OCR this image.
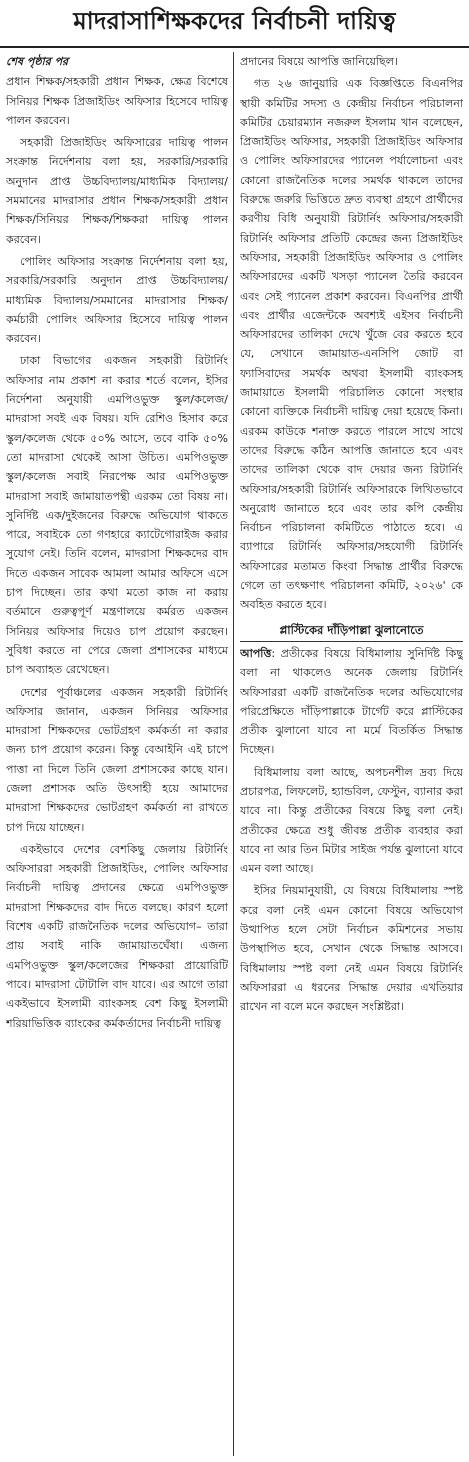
মাদরাসাশিক্ষকদের নির্বাচনী দায়িত্ব
শেষ পৃষ্ঠার পর

প্রধান শিক্ষক/সহকারী প্রধান শিক্ষক, ক্ষেত্র বিশেষে সিনিয়র শিক্ষক প্রিজাইডিং অফিসার হিসেবে দায়িত্ব পালন করবেন।

সহকারী প্রিজাইডিং অফিসারের দায়িত্ব পালন সংক্রান্ত নির্দেশনায় বলা হয়, সরকারি/সরকারি অনুদান প্রাপ্ত উচ্চবিদ্যালয়/মাধ্যমিক বিদ্যালয়/সমমানের মাদরাসার প্রধান শিক্ষক/সহকারী প্রধান শিক্ষক/সিনিয়র শিক্ষক/শিক্ষকরা দায়িত্ব পালন করবেন।

পোলিং অফিসার সংক্রান্ত নির্দেশনায় বলা হয়, সরকারি/সরকারি অনুদান প্রাপ্ত উচ্চবিদ্যালয়/মাধ্যমিক বিদ্যালয়/সমমানের মাদরাসার শিক্ষক/কর্মচারী পোলিং অফিসার হিসেবে দায়িত্ব পালন করবেন।

ঢাকা বিভাগের একজন সহকারী রিটার্নিং অফিসার নাম প্রকাশ না করার শর্তে বলেন, ইসির নির্দেশনা অনুযায়ী এমপিওভুক্ত স্কুল/কলেজ/মাদরাসা সবই এক বিষয়। যদি রেশিও হিসাব করে স্কুল/কলেজ থেকে ৫০% আসে, তবে বাকি ৫০% তো মাদরাসা থেকেই আসা উচিত। এমপিওভুক্ত স্কুল/কলেজ সবাই নিরপেক্ষ আর এমপিওভুক্ত মাদরাসা সবাই জামায়াতপন্থী এরকম তো বিষয় না। সুনির্দিষ্ট এক/দুইজনের বিরুদ্ধে অভিযোগ থাকতে পারে, সবাইকে তো গণহারে ক্যাটেগোরাইজ করার সুযোগ নেই। তিনি বলেন, মাদরাসা শিক্ষকদের বাদ দিতে একজন সাবেক আমলা আমার অফিসে এসে চাপ দিচ্ছেন। তার কথা মতো কাজ না করায় বর্তমানে গুরুত্বপূর্ণ মন্ত্রণালয়ে কর্মরত একজন সিনিয়র অফিসার দিয়েও চাপ প্রয়োগ করছেন। সুবিধা করতে না পেরে জেলা প্রশাসকের মাধ্যমে চাপ অব্যাহত রেখেছেন।

দেশের পূর্বাঞ্চলের একজন সহকারী রিটার্নিং অফিসার জানান, একজন সিনিয়র অফিসার মাদরাসা শিক্ষকদের ভোটগ্রহণ কর্মকর্তা না করার জন্য চাপ প্রয়োগ করেন। কিন্তু বেআইনি এই চাপে পাত্তা না দিলে তিনি জেলা প্রশাসকের কাছে যান। জেলা প্রশাসক অতি উৎসাহী হয়ে আমাদের মাদরাসা শিক্ষকদের ভোটগ্রহণ কর্মকর্তা না রাখতে চাপ দিয়ে যাচ্ছেন।

একইভাবে দেশের বেশকিছু জেলায় রিটার্নিং অফিসাররা সহকারী প্রিজাইডিং, পোলিং অফিসার নির্বাচনী দায়িত্ব প্রদানের ক্ষেত্রে এমপিওভুক্ত মাদরাসা শিক্ষকদের বাদ দিতে বলছে। কারণ হলো বিশেষ একটি রাজনৈতিক দলের অভিযোগ– তারা প্রায় সবাই নাকি জামায়াতঘেঁষা। এজন্য এমপিওভুক্ত স্কুল/কলেজের শিক্ষকরা প্রায়োরিটি পাবে। মাদরাসা টোটালি বাদ যাবে। এর আগে তারা একইভাবে ইসলামী ব্যাংকসহ বেশ কিছু ইসলামী শরিয়াভিত্তিক ব্যাংকের কর্মকর্তাদের নির্বাচনী দায়িত্ব

প্রদানের বিষয়ে আপত্তি জানিয়েছিল।

গত ২৬ জানুয়ারি এক বিজ্ঞপ্তিতে বিএনপির স্থায়ী কমিটির সদস্য ও কেন্দ্রীয় নির্বাচন পরিচালনা কমিটির চেয়ারম্যান নজরুল ইসলাম খান বলেছেন, প্রিজাইডিং অফিসার, সহকারী প্রিজাইডিং অফিসার ও পোলিং অফিসারদের প্যানেল পর্যালোচনা এবং কোনো রাজনৈতিক দলের সমর্থক থাকলে তাদের বিরুদ্ধে জরুরি ভিত্তিতে দ্রুত ব্যবস্থা গ্রহণে প্রার্থীদের করণীয় বিধি অনুযায়ী রিটার্নিং অফিসার/সহকারী রিটার্নিং অফিসার প্রতিটি কেন্দ্রের জন্য প্রিজাইডিং অফিসার, সহকারী প্রিজাইডিং অফিসার ও পোলিং অফিসারদের একটি খসড়া প্যানেল তৈরি করবেন এবং সেই প্যানেল প্রকাশ করবেন। বিএনপির প্রার্থী এবং প্রার্থীর এজেন্টকে অবশ্যই এইসব নির্বাচনী অফিসারদের তালিকা দেখে খুঁজে বের করতে হবে যে, সেখানে জামায়াত-এনসিপি জোট বা ফ্যাসিবাদের সমর্থক অথবা ইসলামী ব্যাংকসহ জামায়াতে ইসলামী পরিচালিত কোনো সংস্থার কোনো ব্যক্তিকে নির্বাচনী দায়িত্ব দেয়া হয়েছে কিনা। এরকম কাউকে শনাক্ত করতে পারলে সাথে সাথে তাদের বিরুদ্ধে কঠিন আপত্তি জানাতে হবে এবং তাদের তালিকা থেকে বাদ দেয়ার জন্য রিটার্নিং অফিসার/সহকারী রিটার্নিং অফিসারকে লিখিতভাবে অনুরোধ জানাতে হবে এবং তার কপি কেন্দ্রীয় নির্বাচন পরিচালনা কমিটিতে পাঠাতে হবে। এ ব্যাপারে রিটার্নিং অফিসার/সহযোগী রিটার্নিং অফিসারের মতামত কিংবা সিদ্ধান্ত প্রার্থীর বিরুদ্ধে গেলে তা তৎক্ষণাৎ পরিচালনা কমিটি, ২০২৬' কে অবহিত করতে হবে।

প্লাস্টিকের দাঁড়িপাল্লা ঝুলানোতে

আপত্তি: প্রতীকের বিষয়ে বিধিমালায় সুনির্দিষ্ট কিছু বলা না থাকলেও অনেক জেলায় রিটার্নিং অফিসাররা একটি রাজনৈতিক দলের অভিযোগের পরিপ্রেক্ষিতে দাঁড়িপাল্লাকে টার্গেট করে প্লাস্টিকের প্রতীক ঝুলানো যাবে না মর্মে বিতর্কিত সিদ্ধান্ত দিচ্ছেন।

বিধিমালায় বলা আছে, অপচনশীল দ্রব্য দিয়ে প্রচারপত্র, লিফলেট, হ্যান্ডবিল, ফেস্টুন, ব্যানার করা যাবে না। কিন্তু প্রতীকের বিষয়ে কিছু বলা নেই। প্রতীকের ক্ষেত্রে শুধু জীবন্ত প্রতীক ব্যবহার করা যাবে না আর তিন মিটার সাইজ পর্যন্ত ঝুলানো যাবে এমন বলা আছে।

ইসির নিয়মানুযায়ী, যে বিষয়ে বিধিমালায় স্পষ্ট করে বলা নেই এমন কোনো বিষয়ে অভিযোগ উত্থাপিত হলে সেটা নির্বাচন কমিশনের সভায় উপস্থাপিত হবে, সেখান থেকে সিদ্ধান্ত আসবে। বিধিমালায় স্পষ্ট বলা নেই এমন বিষয়ে রিটার্নিং অফিসাররা এ ধরনের সিদ্ধান্ত দেয়ার এখতিয়ার রাখেন না বলে মনে করছেন সংশ্লিষ্টরা।
